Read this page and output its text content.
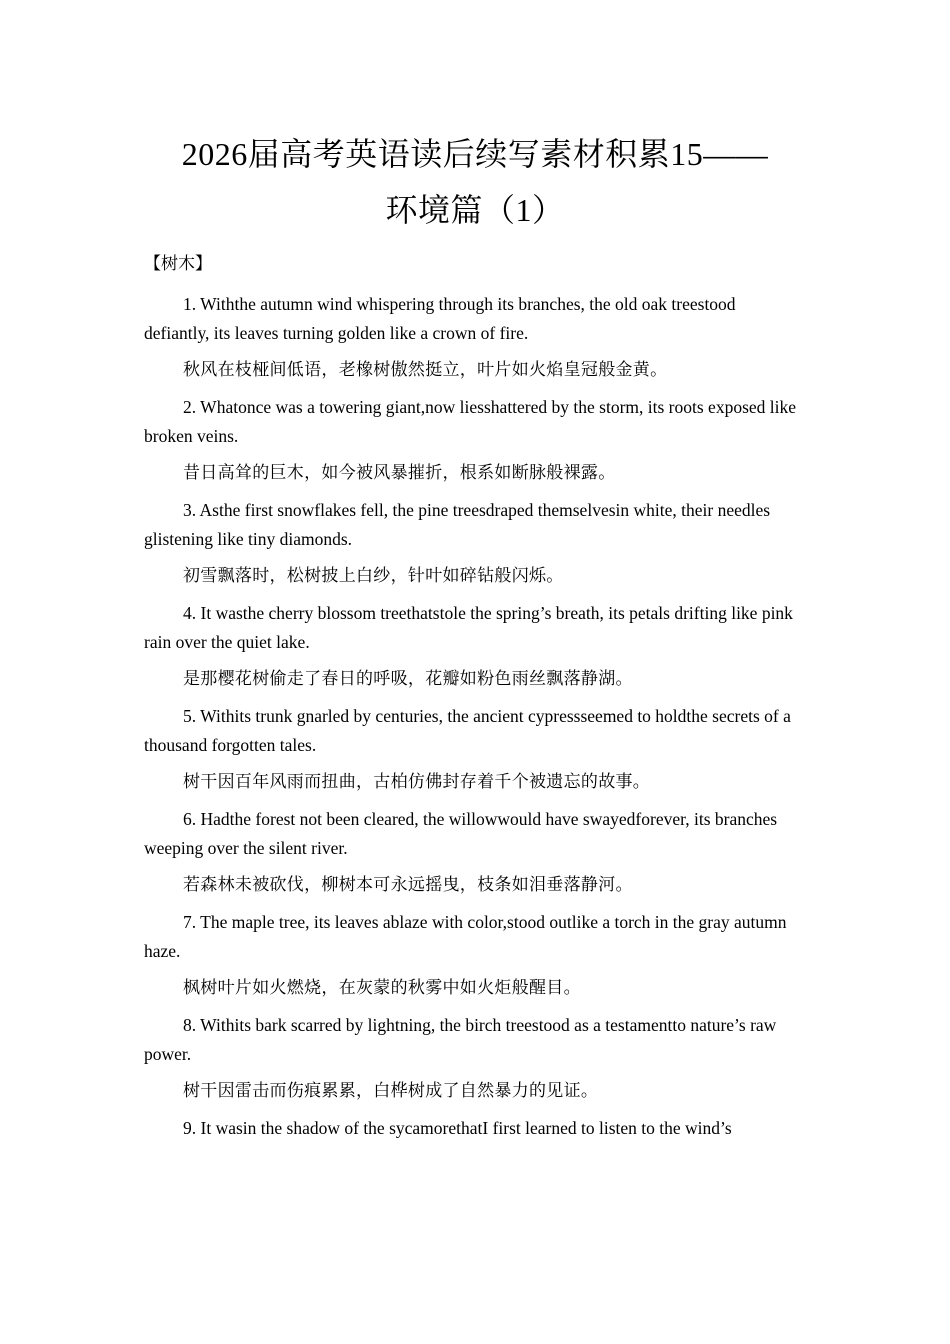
2026届高考英语读后续写素材积累15——
环境篇（1）
【树木】

1. Withthe autumn wind whispering through its branches, the old oak treestood defiantly, its leaves turning golden like a crown of fire.

秋风在枝桠间低语，老橡树傲然挺立，叶片如火焰皇冠般金黄。

2. Whatonce was a towering giant,now liesshattered by the storm, its roots exposed like broken veins.

昔日高耸的巨木，如今被风暴摧折，根系如断脉般裸露。

3. Asthe first snowflakes fell, the pine treesdraped themselvesin white, their needles glistening like tiny diamonds.

初雪飘落时，松树披上白纱，针叶如碎钻般闪烁。

4. It wasthe cherry blossom treethatstole the spring’s breath, its petals drifting like pink rain over the quiet lake.

是那樱花树偷走了春日的呼吸，花瓣如粉色雨丝飘落静湖。

5. Withits trunk gnarled by centuries, the ancient cypressseemed to holdthe secrets of a thousand forgotten tales.

树干因百年风雨而扭曲，古柏仿佛封存着千个被遗忘的故事。

6. Hadthe forest not been cleared, the willowwould have swayedforever, its branches weeping over the silent river.

若森林未被砍伐，柳树本可永远摇曳，枝条如泪垂落静河。

7. The maple tree, its leaves ablaze with color,stood outlike a torch in the gray autumn haze.

枫树叶片如火燃烧，在灰蒙的秋雾中如火炬般醒目。

8. Withits bark scarred by lightning, the birch treestood as a testamentto nature’s raw power.

树干因雷击而伤痕累累，白桦树成了自然暴力的见证。

9. It wasin the shadow of the sycamorethatI first learned to listen to the wind’s
